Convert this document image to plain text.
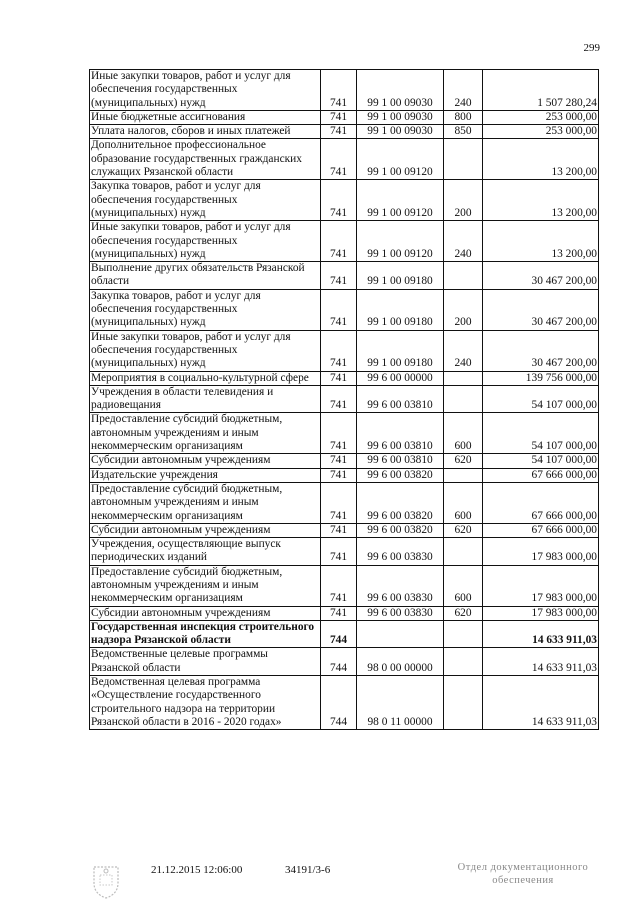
299
Иные закупки товаров, работ и услуг для обеспечения государственных (муниципальных) нужд	741	99 1 00 09030	240	1 507 280,24
Иные бюджетные ассигнования	741	99 1 00 09030	800	253 000,00
Уплата налогов, сборов и иных платежей	741	99 1 00 09030	850	253 000,00
Дополнительное профессиональное образование государственных гражданских служащих Рязанской области	741	99 1 00 09120		13 200,00
Закупка товаров, работ и услуг для обеспечения государственных (муниципальных) нужд	741	99 1 00 09120	200	13 200,00
Иные закупки товаров, работ и услуг для обеспечения государственных (муниципальных) нужд	741	99 1 00 09120	240	13 200,00
Выполнение других обязательств Рязанской области	741	99 1 00 09180		30 467 200,00
Закупка товаров, работ и услуг для обеспечения государственных (муниципальных) нужд	741	99 1 00 09180	200	30 467 200,00
Иные закупки товаров, работ и услуг для обеспечения государственных (муниципальных) нужд	741	99 1 00 09180	240	30 467 200,00
Мероприятия в социально-культурной сфере	741	99 6 00 00000		139 756 000,00
Учреждения в области телевидения и радиовещания	741	99 6 00 03810		54 107 000,00
Предоставление субсидий бюджетным, автономным учреждениям и иным некоммерческим организациям	741	99 6 00 03810	600	54 107 000,00
Субсидии автономным учреждениям	741	99 6 00 03810	620	54 107 000,00
Издательские учреждения	741	99 6 00 03820		67 666 000,00
Предоставление субсидий бюджетным, автономным учреждениям и иным некоммерческим организациям	741	99 6 00 03820	600	67 666 000,00
Субсидии автономным учреждениям	741	99 6 00 03820	620	67 666 000,00
Учреждения, осуществляющие выпуск периодических изданий	741	99 6 00 03830		17 983 000,00
Предоставление субсидий бюджетным, автономным учреждениям и иным некоммерческим организациям	741	99 6 00 03830	600	17 983 000,00
Субсидии автономным учреждениям	741	99 6 00 03830	620	17 983 000,00
Государственная инспекция строительного надзора Рязанской области	744			14 633 911,03
Ведомственные целевые программы Рязанской области	744	98 0 00 00000		14 633 911,03
Ведомственная целевая программа «Осуществление государственного строительного надзора на территории Рязанской области в 2016 - 2020 годах»	744	98 0 11 00000		14 633 911,03
21.12.2015 12:06:00	34191/3-6	Отдел документационного
обеспечения
